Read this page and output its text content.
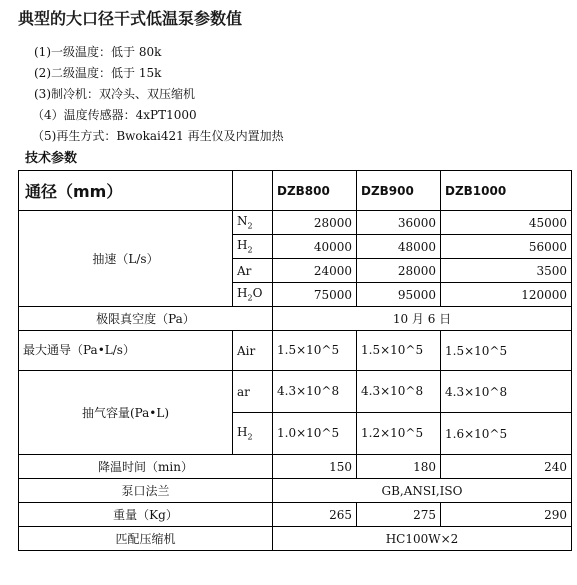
典型的大口径干式低温泵参数值
(1)一级温度：低于 80k
(2)二级温度：低于 15k
(3)制冷机：双冷头、双压缩机
（4）温度传感器：4xPT1000
（5)再生方式：Bwokai421 再生仪及内置加热
技术参数
通径（mm）		DZB800	DZB900	DZB1000
抽速（L/s）	$N_2$	28000	36000	45000
	$H_2$	40000	48000	56000
	Ar	24000	28000	3500
	$H_2O$	75000	95000	120000
极限真空度（Pa）		10 月 6 日		
最大通导（Pa•L/s）	Air	1.5×10^5	1.5×10^5	1.5×10^5
抽气容量(Pa•L)	ar	4.3×10^8	4.3×10^8	4.3×10^8
	$H_2$	1.0×10^5	1.2×10^5	1.6×10^5
降温时间（min）		150	180	240
泵口法兰		GB,ANSI,ISO		
重量（Kg）		265	275	290
匹配压缩机		HC100W×2		
